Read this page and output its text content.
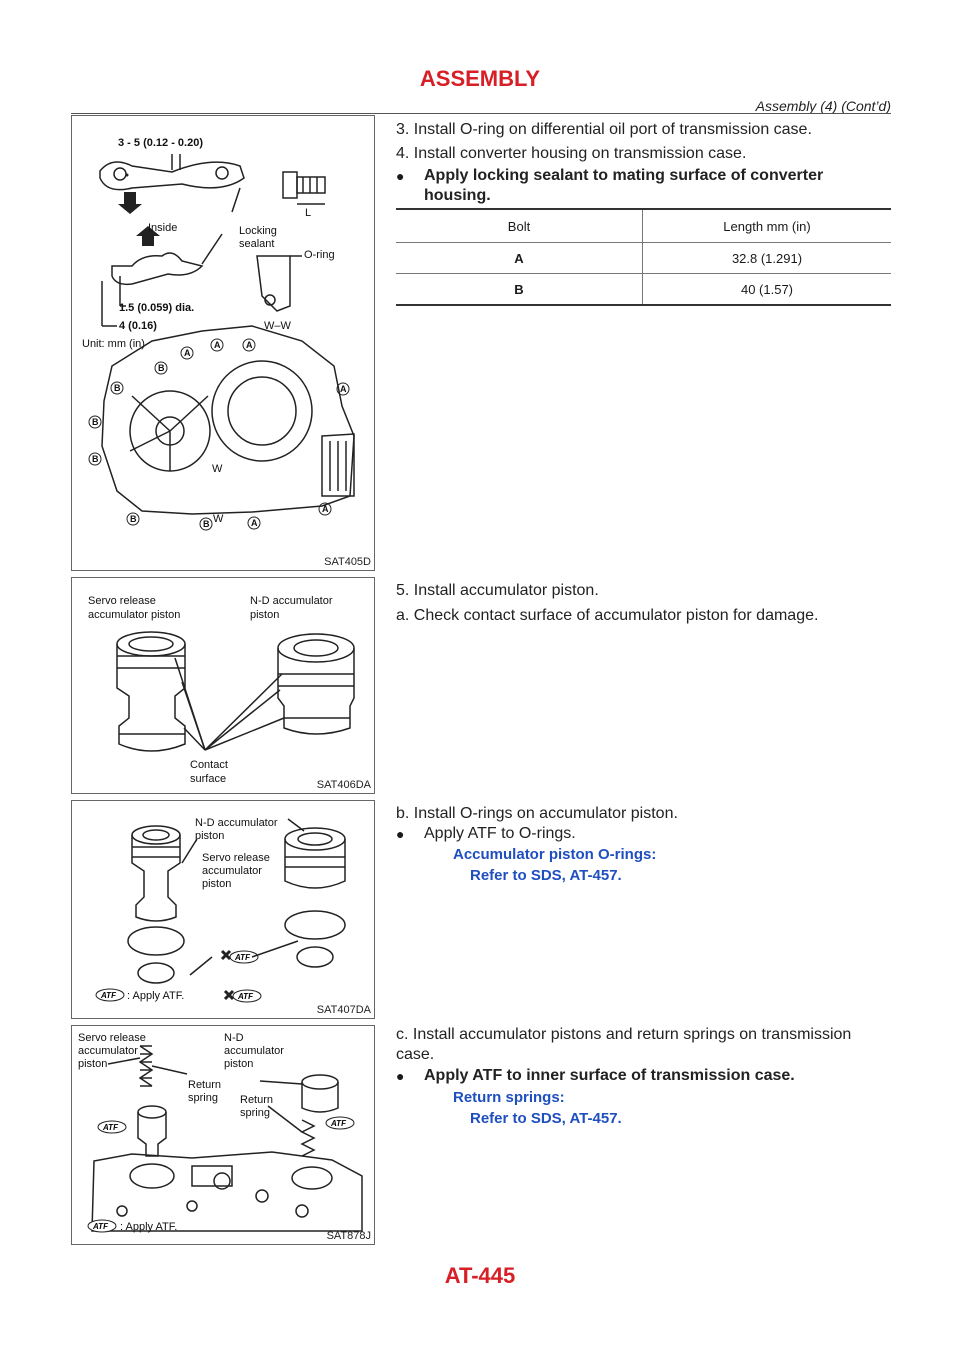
ASSEMBLY
Assembly (4) (Cont’d)
3 - 5 (0.12 - 0.20)
Inside	Locking
sealant
L
O-ring
1.5 (0.059) dia.
4 (0.16)	W–W
Unit: mm (in)
A
A	A
A
A
A
B
B
B
B
B	B
W
W
SAT405D
Servo release
accumulator piston
N-D accumulator
piston
Contact
surface	SAT406DA
ATF
ATF
ATF
N-D accumulator
piston
Servo release
accumulator
piston
: Apply ATF.
SAT407DA
ATF	ATF
ATF
Servo release
accumulator
piston
N-D
accumulator
piston
Return
spring Return
spring
: Apply ATF.
SAT878J
3. Install O-ring on differential oil port of transmission case.
4. Install converter housing on transmission case.
● Apply locking sealant to mating surface of converter housing.
Bolt	Length mm (in)
A	32.8 (1.291)
B	40 (1.57)
5. Install accumulator piston.
a. Check contact surface of accumulator piston for damage.
b. Install O-rings on accumulator piston.
● Apply ATF to O-rings.
Accumulator piston O-rings:
Refer to SDS, AT-457.
c. Install accumulator pistons and return springs on transmission case.
● Apply ATF to inner surface of transmission case.
Return springs:
Refer to SDS, AT-457.
AT-445
